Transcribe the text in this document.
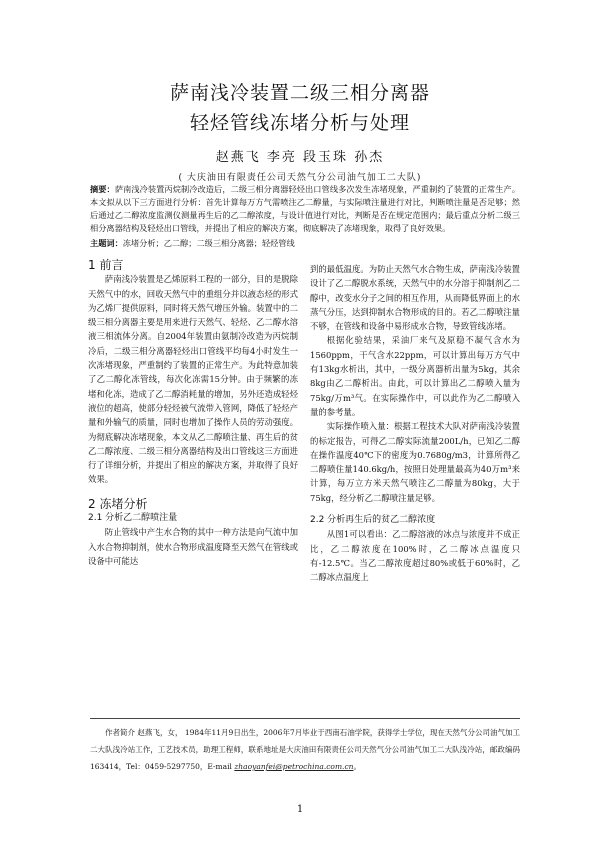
萨南浅冷装置二级三相分离器
轻烃管线冻堵分析与处理
赵燕飞 李亮 段玉珠 孙杰
( 大庆油田有限责任公司天然气分公司油气加工二大队)
摘要：萨南浅冷装置丙烷制冷改造后，二级三相分离器轻烃出口管线多次发生冻堵现象，严重制约了装置的正常生产。本文拟从以下三方面进行分析：首先计算每万方气需喷注乙二醇量，与实际喷注量进行对比，判断喷注量是否足够；然后通过乙二醇浓度监测仪测量再生后的乙二醇浓度，与设计值进行对比，判断是否在规定范围内；最后重点分析二级三相分离器结构及轻烃出口管线，并提出了相应的解决方案，彻底解决了冻堵现象，取得了良好效果。
主题词：冻堵分析；乙二醇；二级三相分离器；轻烃管线

1 前言

萨南浅冷装置是乙烯原料工程的一部分，目的是脱除天然气中的水，回收天然气中的重组分并以液态烃的形式为乙烯厂提供原料，同时将天然气增压外输。装置中的二级三相分离器主要是用来进行天然气、轻烃、乙二醇水溶液三相流体分离。自2004年装置由氨制冷改造为丙烷制冷后，二级三相分离器轻烃出口管线平均每4小时发生一次冻堵现象，严重制约了装置的正常生产。为此特意加装了乙二醇化冻管线，每次化冻需15分钟。由于频繁的冻堵和化冻，造成了乙二醇消耗量的增加，另外还造成轻烃液位的超高，使部分轻烃被气流带入管网，降低了轻烃产量和外输气的质量，同时也增加了操作人员的劳动强度。为彻底解决冻堵现象，本文从乙二醇喷注量、再生后的贫乙二醇浓度、二级三相分离器结构及出口管线这三方面进行了详细分析，并提出了相应的解决方案，并取得了良好效果。

2 冻堵分析

2.1 分析乙二醇喷注量

防止管线中产生水合物的其中一种方法是向气流中加入水合物抑制剂，使水合物形成温度降至天然气在管线或设备中可能达

到的最低温度。为防止天然气水合物生成，萨南浅冷装置设计了乙二醇脱水系统，天然气中的水分溶于抑制剂乙二醇中，改变水分子之间的相互作用，从而降低界面上的水蒸气分压，达到抑制水合物形成的目的。若乙二醇喷注量不够，在管线和设备中易形成水合物，导致管线冻堵。

根据化验结果，采油厂来气及原稳不凝气含水为1560ppm，干气含水22ppm，可以计算出每万方气中有13kg水析出，其中，一级分离器析出量为5kg，其余8kg由乙二醇析出。由此，可以计算出乙二醇喷入量为75kg/万m³气。在实际操作中，可以此作为乙二醇喷入量的参考量。

实际操作喷入量：根据工程技术大队对萨南浅冷装置的标定报告，可得乙二醇实际流量200L/h，已知乙二醇在操作温度40℃下的密度为0.7680g/m3，计算所得乙二醇喷住量140.6kg/h，按照日处理量最高为40万m³来计算，每万立方米天然气喷注乙二醇量为80kg，大于75kg，经分析乙二醇喷注量足够。

2.2 分析再生后的贫乙二醇浓度

从图1可以看出：乙二醇溶液的冰点与浓度并不成正比，乙二醇浓度在100%时，乙二醇冰点温度只有-12.5℃。当乙二醇浓度超过80%或低于60%时，乙二醇冰点温度上

作者简介 赵燕飞，女， 1984年11月9日出生，2006年7月毕业于西南石油学院，获得学士学位，现在天然气分公司油气加工二大队浅冷站工作，工艺技术员，助理工程师，联系地址是大庆油田有限责任公司天然气分公司油气加工二大队浅冷站，邮政编码163414，Tel：0459-5297750，E-mail zhaoyanfei@petrochina.com.cn。
1
